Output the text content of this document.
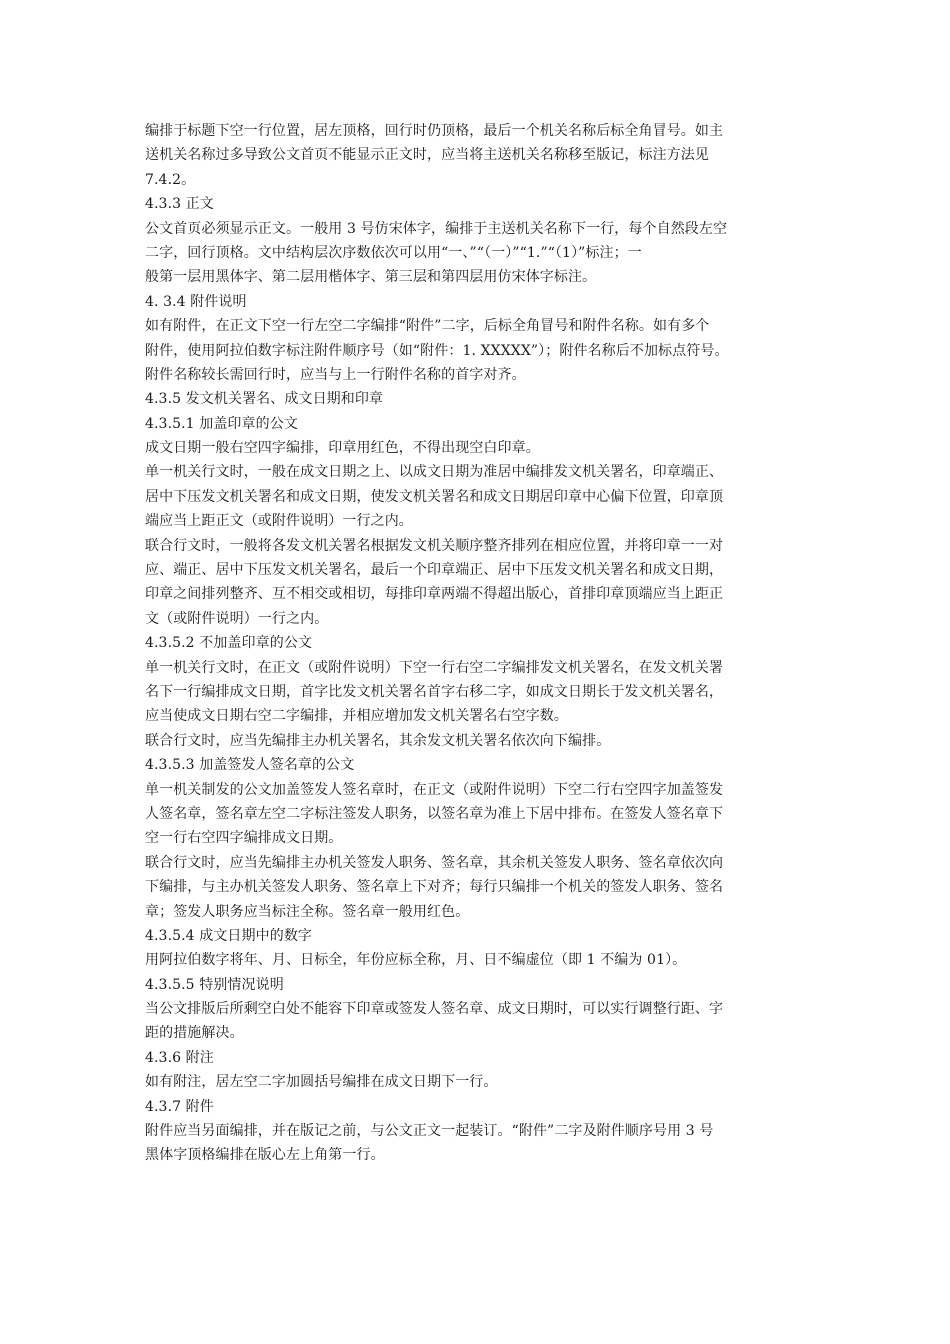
编排于标题下空一行位置，居左顶格，回行时仍顶格，最后一个机关名称后标全角冒号。如主
送机关名称过多导致公文首页不能显示正文时，应当将主送机关名称移至版记，标注方法见
7.4.2。
4.3.3 正文
公文首页必须显示正文。一般用 3 号仿宋体字，编排于主送机关名称下一行，每个自然段左空
二字，回行顶格。文中结构层次序数依次可以用“一、”“（一）”“1.”“（1）”标注；一
般第一层用黑体字、第二层用楷体字、第三层和第四层用仿宋体字标注。
4. 3.4 附件说明
如有附件，在正文下空一行左空二字编排“附件”二字，后标全角冒号和附件名称。如有多个
附件，使用阿拉伯数字标注附件顺序号（如“附件：1. XXXXX”）；附件名称后不加标点符号。
附件名称较长需回行时，应当与上一行附件名称的首字对齐。
4.3.5 发文机关署名、成文日期和印章
4.3.5.1 加盖印章的公文
成文日期一般右空四字编排，印章用红色，不得出现空白印章。
单一机关行文时，一般在成文日期之上、以成文日期为准居中编排发文机关署名，印章端正、
居中下压发文机关署名和成文日期，使发文机关署名和成文日期居印章中心偏下位置，印章顶
端应当上距正文（或附件说明）一行之内。
联合行文时，一般将各发文机关署名根据发文机关顺序整齐排列在相应位置，并将印章一一对
应、端正、居中下压发文机关署名，最后一个印章端正、居中下压发文机关署名和成文日期，
印章之间排列整齐、互不相交或相切，每排印章两端不得超出版心，首排印章顶端应当上距正
文（或附件说明）一行之内。
4.3.5.2 不加盖印章的公文
单一机关行文时，在正文（或附件说明）下空一行右空二字编排发文机关署名，在发文机关署
名下一行编排成文日期，首字比发文机关署名首字右移二字，如成文日期长于发文机关署名，
应当使成文日期右空二字编排，并相应增加发文机关署名右空字数。
联合行文时，应当先编排主办机关署名，其余发文机关署名依次向下编排。
4.3.5.3 加盖签发人签名章的公文
单一机关制发的公文加盖签发人签名章时，在正文（或附件说明）下空二行右空四字加盖签发
人签名章，签名章左空二字标注签发人职务，以签名章为准上下居中排布。在签发人签名章下
空一行右空四字编排成文日期。
联合行文时，应当先编排主办机关签发人职务、签名章，其余机关签发人职务、签名章依次向
下编排，与主办机关签发人职务、签名章上下对齐；每行只编排一个机关的签发人职务、签名
章；签发人职务应当标注全称。签名章一般用红色。
4.3.5.4 成文日期中的数字
用阿拉伯数字将年、月、日标全，年份应标全称，月、日不编虚位（即 1 不编为 01）。
4.3.5.5 特别情况说明
当公文排版后所剩空白处不能容下印章或签发人签名章、成文日期时，可以实行调整行距、字
距的措施解决。
4.3.6 附注
如有附注，居左空二字加圆括号编排在成文日期下一行。
4.3.7 附件
附件应当另面编排，并在版记之前，与公文正文一起装订。“附件”二字及附件顺序号用 3 号
黑体字顶格编排在版心左上角第一行。
